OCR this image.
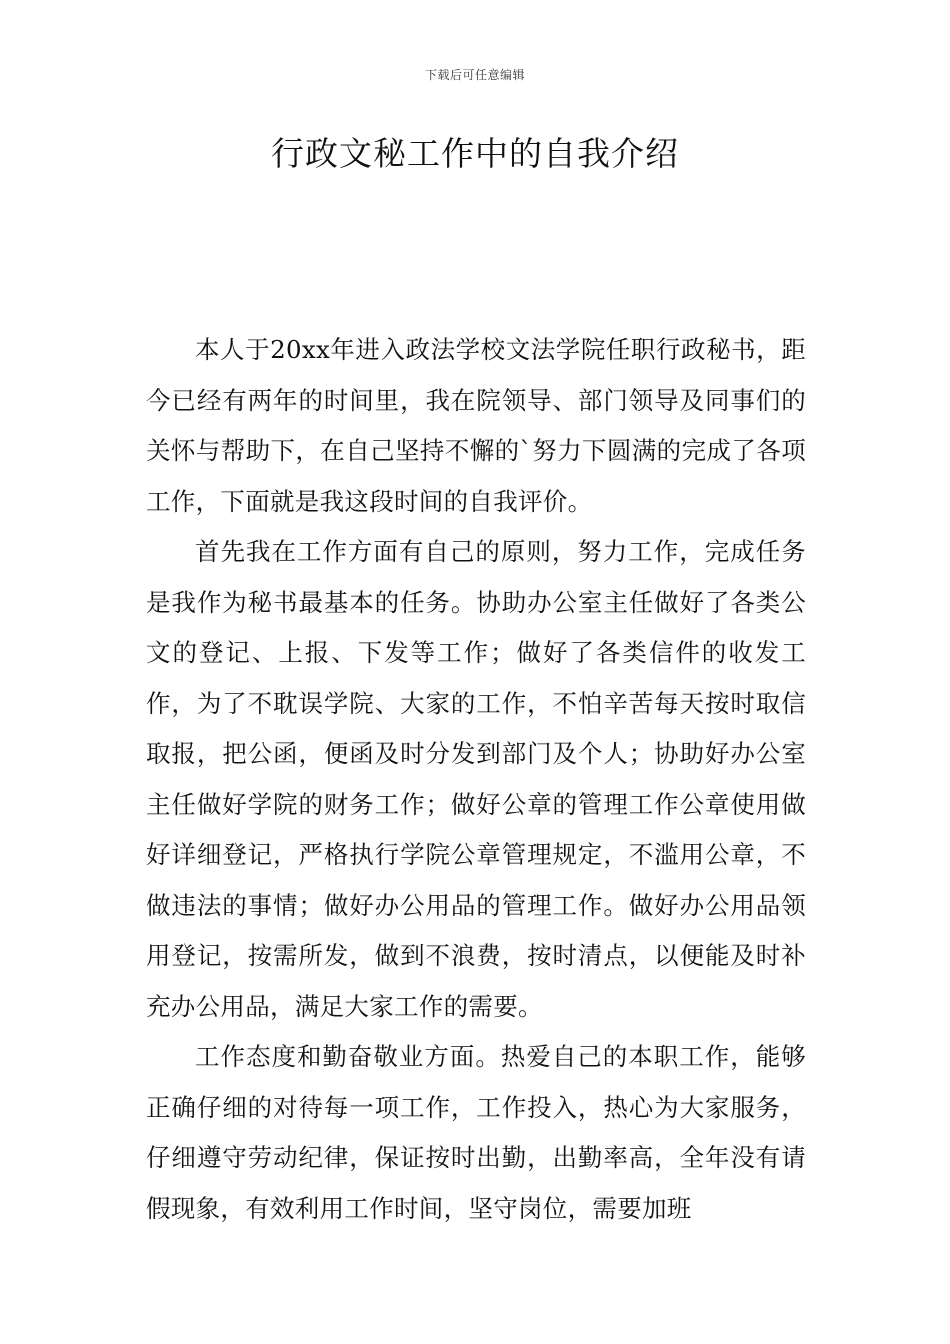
下载后可任意编辑
行政文秘工作中的自我介绍

本人于20xx年进入政法学校文法学院任职行政秘书，距今已经有两年的时间里，我在院领导、部门领导及同事们的关怀与帮助下，在自己坚持不懈的`努力下圆满的完成了各项工作，下面就是我这段时间的自我评价。

首先我在工作方面有自己的原则，努力工作，完成任务是我作为秘书最基本的任务。协助办公室主任做好了各类公文的登记、上报、下发等工作；做好了各类信件的收发工作，为了不耽误学院、大家的工作，不怕辛苦每天按时取信取报，把公函，便函及时分发到部门及个人；协助好办公室主任做好学院的财务工作；做好公章的管理工作公章使用做好详细登记，严格执行学院公章管理规定，不滥用公章，不做违法的事情；做好办公用品的管理工作。做好办公用品领用登记，按需所发，做到不浪费，按时清点，以便能及时补充办公用品，满足大家工作的需要。

工作态度和勤奋敬业方面。热爱自己的本职工作，能够正确仔细的对待每一项工作，工作投入，热心为大家服务，仔细遵守劳动纪律，保证按时出勤，出勤率高，全年没有请假现象，有效利用工作时间，坚守岗位，需要加班
